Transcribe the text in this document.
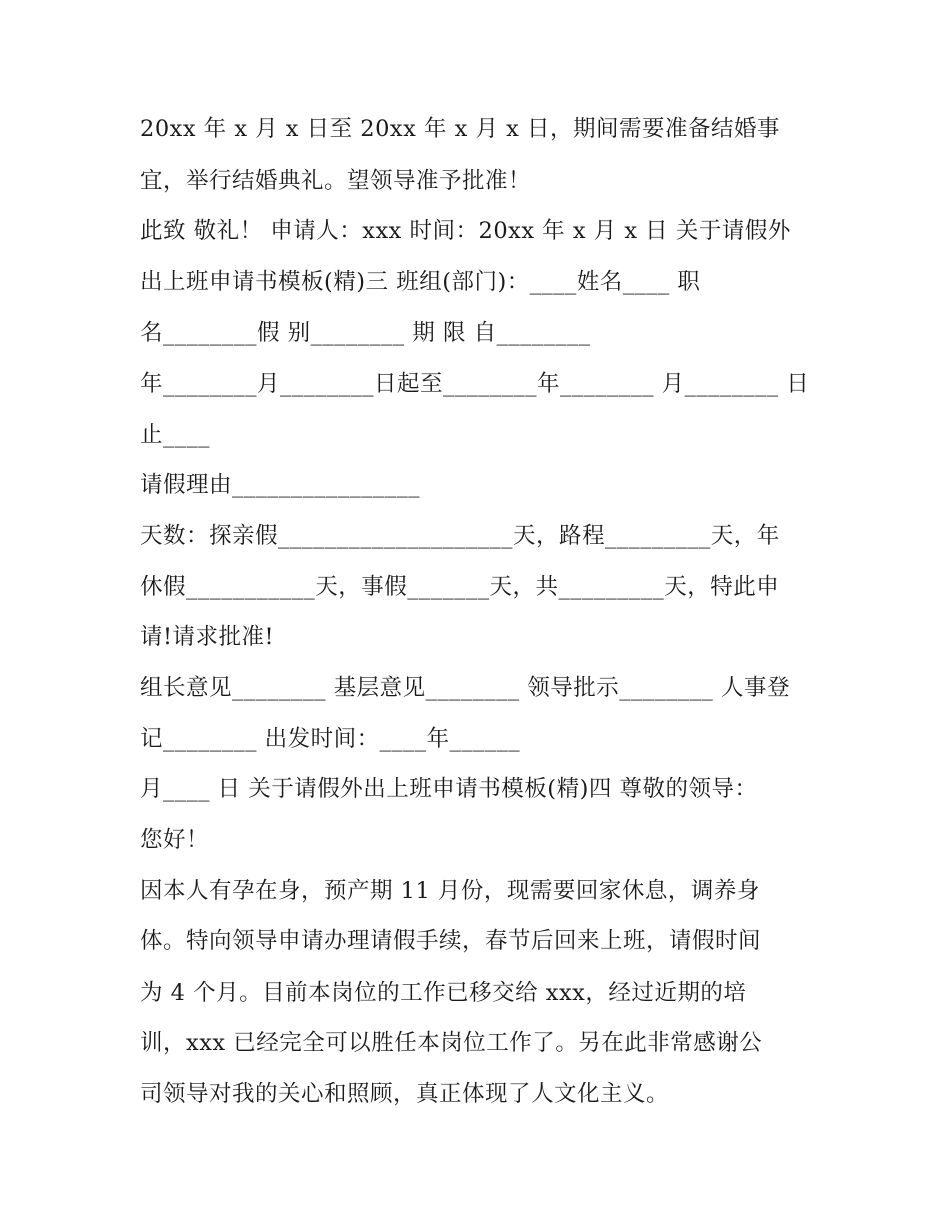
20xx 年 x 月 x 日至 20xx 年 x 月 x 日，期间需要准备结婚事
宜，举行结婚典礼。望领导准予批准！
此致 敬礼！ 申请人：xxx 时间：20xx 年 x 月 x 日 关于请假外
出上班申请书模板(精)三 班组(部门)：____姓名____ 职
名________假 别________ 期 限 自________
年________月________日起至________年________ 月________ 日
止____
请假理由________________
天数：探亲假____________________天，路程_________天，年
休假___________天，事假_______天，共_________天，特此申
请!请求批准!
组长意见________ 基层意见________ 领导批示________ 人事登
记________ 出发时间：____年______
月____ 日 关于请假外出上班申请书模板(精)四 尊敬的领导：
您好！
因本人有孕在身，预产期 11 月份，现需要回家休息，调养身
体。特向领导申请办理请假手续，春节后回来上班，请假时间
为 4 个月。目前本岗位的工作已移交给 xxx，经过近期的培
训，xxx 已经完全可以胜任本岗位工作了。另在此非常感谢公
司领导对我的关心和照顾，真正体现了人文化主义。
